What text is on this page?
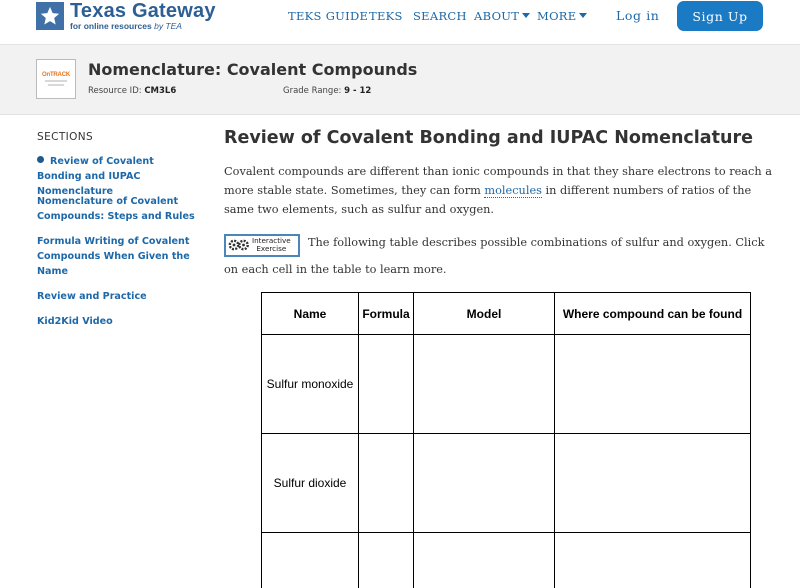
Texas Gateway
for online resources by TEA
TEKS GUIDE TEKS SEARCH ABOUT	MORE	Log in	Sign Up
OnTRACK Nomenclature: Covalent Compounds
Resource ID: CM3L6	Grade Range: 9 - 12
SECTIONS
Review of Covalent Bonding and IUPAC Nomenclature
Nomenclature of Covalent Compounds: Steps and Rules
Formula Writing of Covalent Compounds When Given the Name
Review and Practice
Kid2Kid Video
Review of Covalent Bonding and IUPAC Nomenclature
Covalent compounds are different than ionic compounds in that they share electrons to reach a more stable state. Sometimes, they can form molecules in different numbers of ratios of the same two elements, such as sulfur and oxygen.
Interactive
Exercise	The following table describes possible combinations of sulfur and oxygen. Click on each cell in the table to learn more.
Name	Formula	Model	Where compound can be found
Sulfur monoxide			
Sulfur dioxide			
